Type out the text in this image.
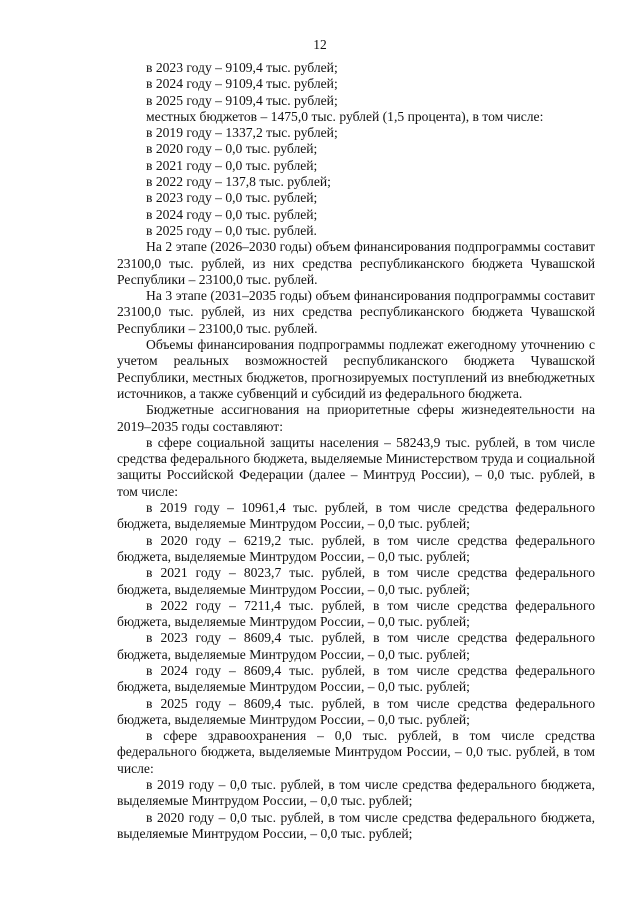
12

в 2023 году – 9109,4 тыс. рублей;

в 2024 году – 9109,4 тыс. рублей;

в 2025 году – 9109,4 тыс. рублей;

местных бюджетов – 1475,0 тыс. рублей (1,5 процента), в том числе:

в 2019 году – 1337,2 тыс. рублей;

в 2020 году – 0,0 тыс. рублей;

в 2021 году – 0,0 тыс. рублей;

в 2022 году – 137,8 тыс. рублей;

в 2023 году – 0,0 тыс. рублей;

в 2024 году – 0,0 тыс. рублей;

в 2025 году – 0,0 тыс. рублей.

На 2 этапе (2026–2030 годы) объем финансирования подпрограммы составит 23100,0 тыс. рублей, из них средства республиканского бюджета Чувашской Республики – 23100,0 тыс. рублей.

На 3 этапе (2031–2035 годы) объем финансирования подпрограммы составит 23100,0 тыс. рублей, из них средства республиканского бюджета Чувашской Республики – 23100,0 тыс. рублей.

Объемы финансирования подпрограммы подлежат ежегодному уточнению с учетом реальных возможностей республиканского бюджета Чувашской Республики, местных бюджетов, прогнозируемых поступлений из внебюджетных источников, а также субвенций и субсидий из федерального бюджета.

Бюджетные ассигнования на приоритетные сферы жизнедеятельности на 2019–2035 годы составляют:

в сфере социальной защиты населения – 58243,9 тыс. рублей, в том числе средства федерального бюджета, выделяемые Министерством труда и социальной защиты Российской Федерации (далее – Минтруд России), – 0,0 тыс. рублей, в том числе:

в 2019 году – 10961,4 тыс. рублей, в том числе средства федерального бюджета, выделяемые Минтрудом России, – 0,0 тыс. рублей;

в 2020 году – 6219,2 тыс. рублей, в том числе средства федерального бюджета, выделяемые Минтрудом России, – 0,0 тыс. рублей;

в 2021 году – 8023,7 тыс. рублей, в том числе средства федерального бюджета, выделяемые Минтрудом России, – 0,0 тыс. рублей;

в 2022 году – 7211,4 тыс. рублей, в том числе средства федерального бюджета, выделяемые Минтрудом России, – 0,0 тыс. рублей;

в 2023 году – 8609,4 тыс. рублей, в том числе средства федерального бюджета, выделяемые Минтрудом России, – 0,0 тыс. рублей;

в 2024 году – 8609,4 тыс. рублей, в том числе средства федерального бюджета, выделяемые Минтрудом России, – 0,0 тыс. рублей;

в 2025 году – 8609,4 тыс. рублей, в том числе средства федерального бюджета, выделяемые Минтрудом России, – 0,0 тыс. рублей;

в сфере здравоохранения – 0,0 тыс. рублей, в том числе средства федерального бюджета, выделяемые Минтрудом России, – 0,0 тыс. рублей, в том числе:

в 2019 году – 0,0 тыс. рублей, в том числе средства федерального бюджета, выделяемые Минтрудом России, – 0,0 тыс. рублей;

в 2020 году – 0,0 тыс. рублей, в том числе средства федерального бюджета, выделяемые Минтрудом России, – 0,0 тыс. рублей;
